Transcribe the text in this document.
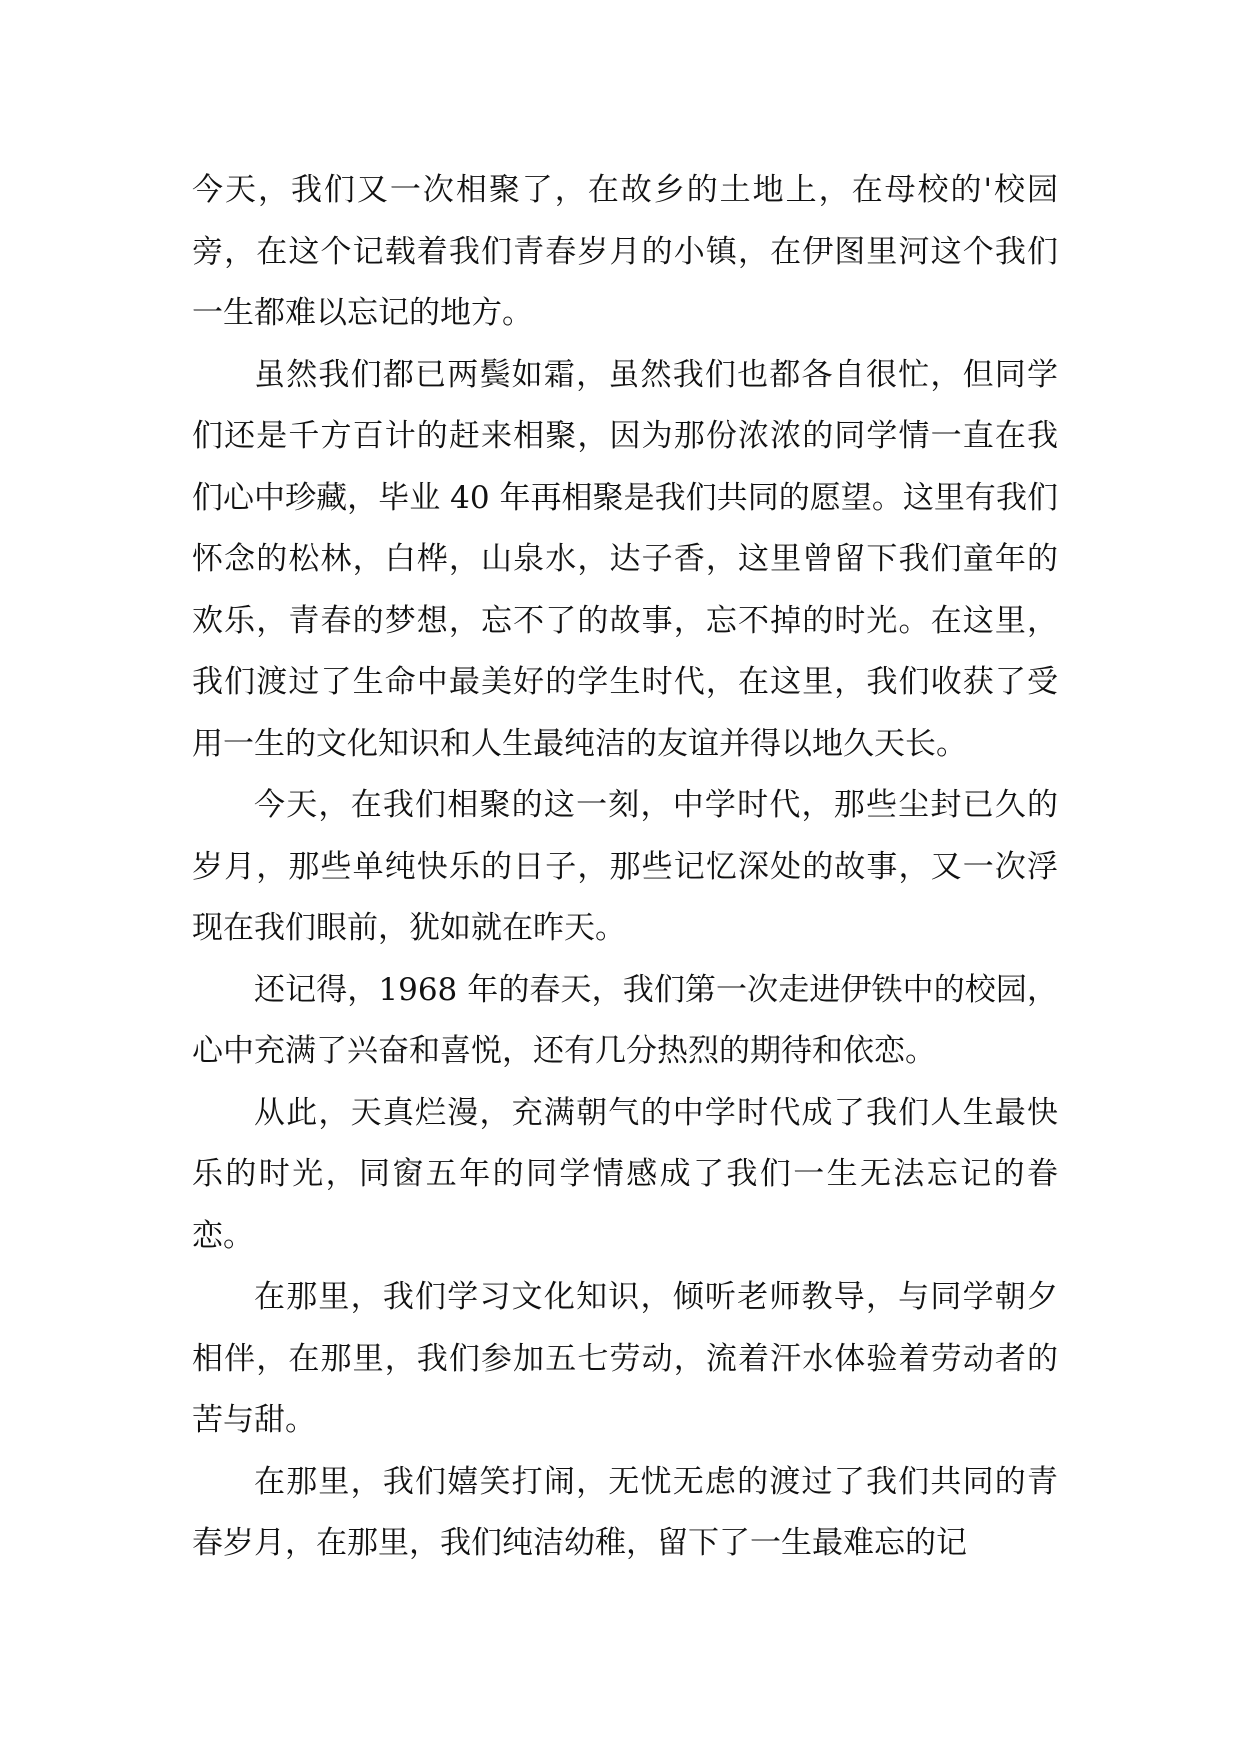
今天，我们又一次相聚了，在故乡的土地上，在母校的'校园旁，在这个记载着我们青春岁月的小镇，在伊图里河这个我们一生都难以忘记的地方。

虽然我们都已两鬓如霜，虽然我们也都各自很忙，但同学们还是千方百计的赶来相聚，因为那份浓浓的同学情一直在我们心中珍藏，毕业 40 年再相聚是我们共同的愿望。这里有我们怀念的松林，白桦，山泉水，达子香，这里曾留下我们童年的欢乐，青春的梦想，忘不了的故事，忘不掉的时光。在这里，我们渡过了生命中最美好的学生时代，在这里，我们收获了受用一生的文化知识和人生最纯洁的友谊并得以地久天长。

今天，在我们相聚的这一刻，中学时代，那些尘封已久的岁月，那些单纯快乐的日子，那些记忆深处的故事，又一次浮现在我们眼前，犹如就在昨天。

还记得，1968 年的春天，我们第一次走进伊铁中的校园，心中充满了兴奋和喜悦，还有几分热烈的期待和依恋。

从此，天真烂漫，充满朝气的中学时代成了我们人生最快乐的时光，同窗五年的同学情感成了我们一生无法忘记的眷恋。

在那里，我们学习文化知识，倾听老师教导，与同学朝夕相伴，在那里，我们参加五七劳动，流着汗水体验着劳动者的苦与甜。

在那里，我们嬉笑打闹，无忧无虑的渡过了我们共同的青春岁月，在那里，我们纯洁幼稚，留下了一生最难忘的记
